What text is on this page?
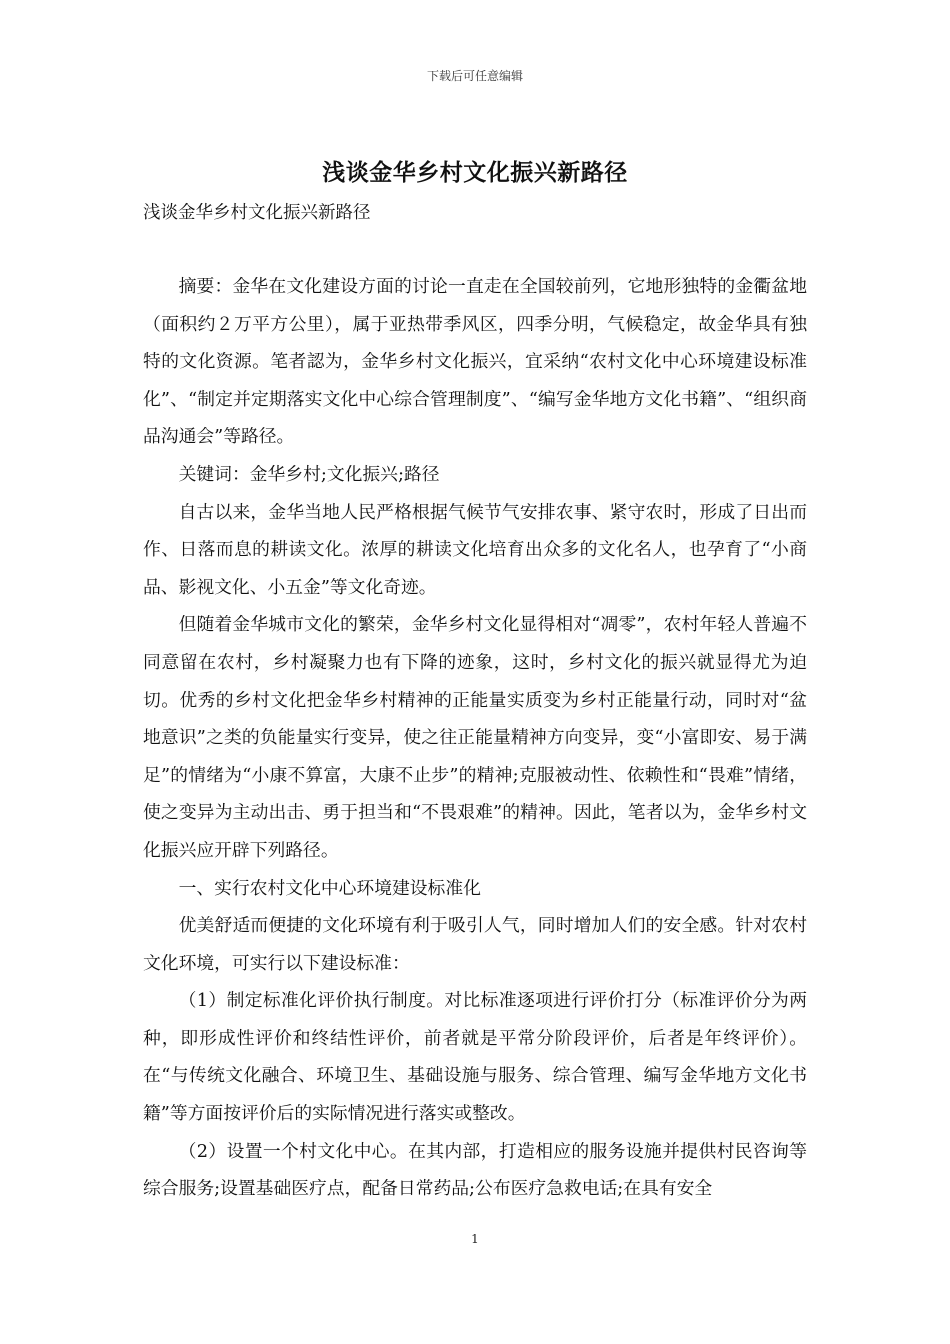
下载后可任意编辑
浅谈金华乡村文化振兴新路径

浅谈金华乡村文化振兴新路径

摘要：金华在文化建设方面的讨论一直走在全国较前列，它地形独特的金衢盆地（面积约２万平方公里），属于亚热带季风区，四季分明，气候稳定，故金华具有独特的文化资源。笔者認为，金华乡村文化振兴，宜采纳“农村文化中心环境建设标准化”、“制定并定期落实文化中心综合管理制度”、“编写金华地方文化书籍”、“组织商品沟通会”等路径。

关键词：金华乡村;文化振兴;路径

自古以来，金华当地人民严格根据气候节气安排农事、紧守农时，形成了日出而作、日落而息的耕读文化。浓厚的耕读文化培育出众多的文化名人，也孕育了“小商品、影视文化、小五金”等文化奇迹。

但随着金华城市文化的繁荣，金华乡村文化显得相对“凋零”，农村年轻人普遍不同意留在农村，乡村凝聚力也有下降的迹象，这时，乡村文化的振兴就显得尤为迫切。优秀的乡村文化把金华乡村精神的正能量实质变为乡村正能量行动，同时对“盆地意识”之类的负能量实行变异，使之往正能量精神方向变异，变“小富即安、易于满足”的情绪为“小康不算富，大康不止步”的精神;克服被动性、依赖性和“畏难”情绪，使之变异为主动出击、勇于担当和“不畏艰难”的精神。因此，笔者以为，金华乡村文化振兴应开辟下列路径。

一、实行农村文化中心环境建设标准化

优美舒适而便捷的文化环境有利于吸引人气，同时增加人们的安全感。针对农村文化环境，可实行以下建设标准：

（1）制定标准化评价执行制度。对比标准逐项进行评价打分（标准评价分为两种，即形成性评价和终结性评价，前者就是平常分阶段评价，后者是年终评价）。在“与传统文化融合、环境卫生、基础设施与服务、综合管理、编写金华地方文化书籍”等方面按评价后的实际情况进行落实或整改。

（2）设置一个村文化中心。在其内部，打造相应的服务设施并提供村民咨询等综合服务;设置基础医疗点，配备日常药品;公布医疗急救电话;在具有安全

1
